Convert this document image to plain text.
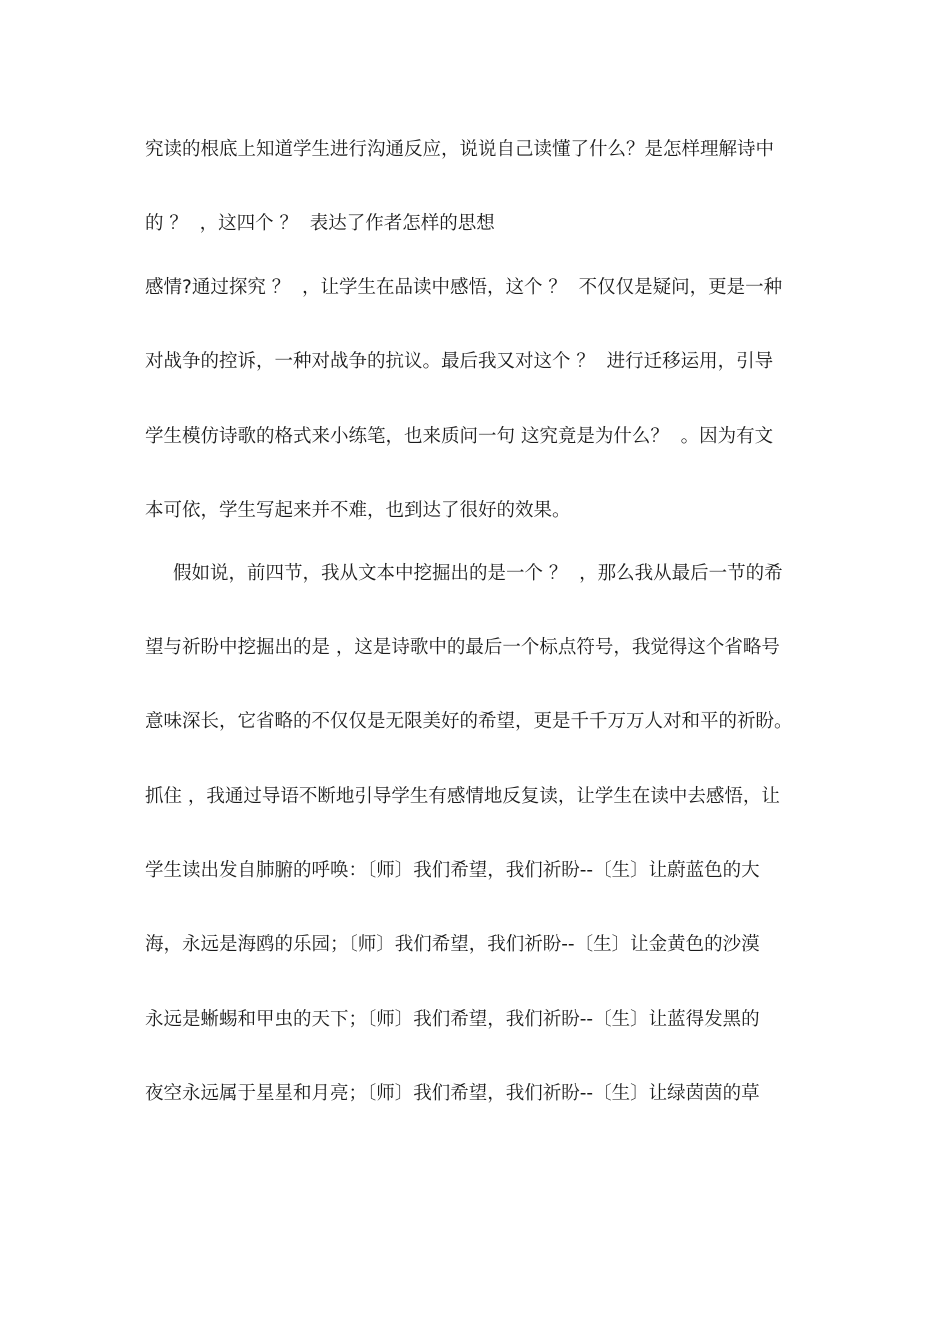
究读的根底上知道学生进行沟通反应，说说自己读懂了什么？是怎样理解诗中
的 ？  ，这四个 ？  表达了作者怎样的思想
感情?通过探究 ？  ，让学生在品读中感悟，这个 ？  不仅仅是疑问，更是一种
对战争的控诉，一种对战争的抗议。最后我又对这个 ？  进行迁移运用，引导
学生模仿诗歌的格式来小练笔，也来质问一句 这究竟是为什么？  。因为有文
本可依，学生写起来并不难，也到达了很好的效果。
假如说，前四节，我从文本中挖掘出的是一个 ？  ，那么我从最后一节的希
望与祈盼中挖掘出的是 ，这是诗歌中的最后一个标点符号，我觉得这个省略号
意味深长，它省略的不仅仅是无限美好的希望，更是千千万万人对和平的祈盼。
抓住 ，我通过导语不断地引导学生有感情地反复读，让学生在读中去感悟，让
学生读出发自肺腑的呼唤：〔师〕我们希望，我们祈盼--〔生〕让蔚蓝色的大
海，永远是海鸥的乐园；〔师〕我们希望，我们祈盼--〔生〕让金黄色的沙漠
永远是蜥蜴和甲虫的天下；〔师〕我们希望，我们祈盼--〔生〕让蓝得发黑的
夜空永远属于星星和月亮；〔师〕我们希望，我们祈盼--〔生〕让绿茵茵的草
